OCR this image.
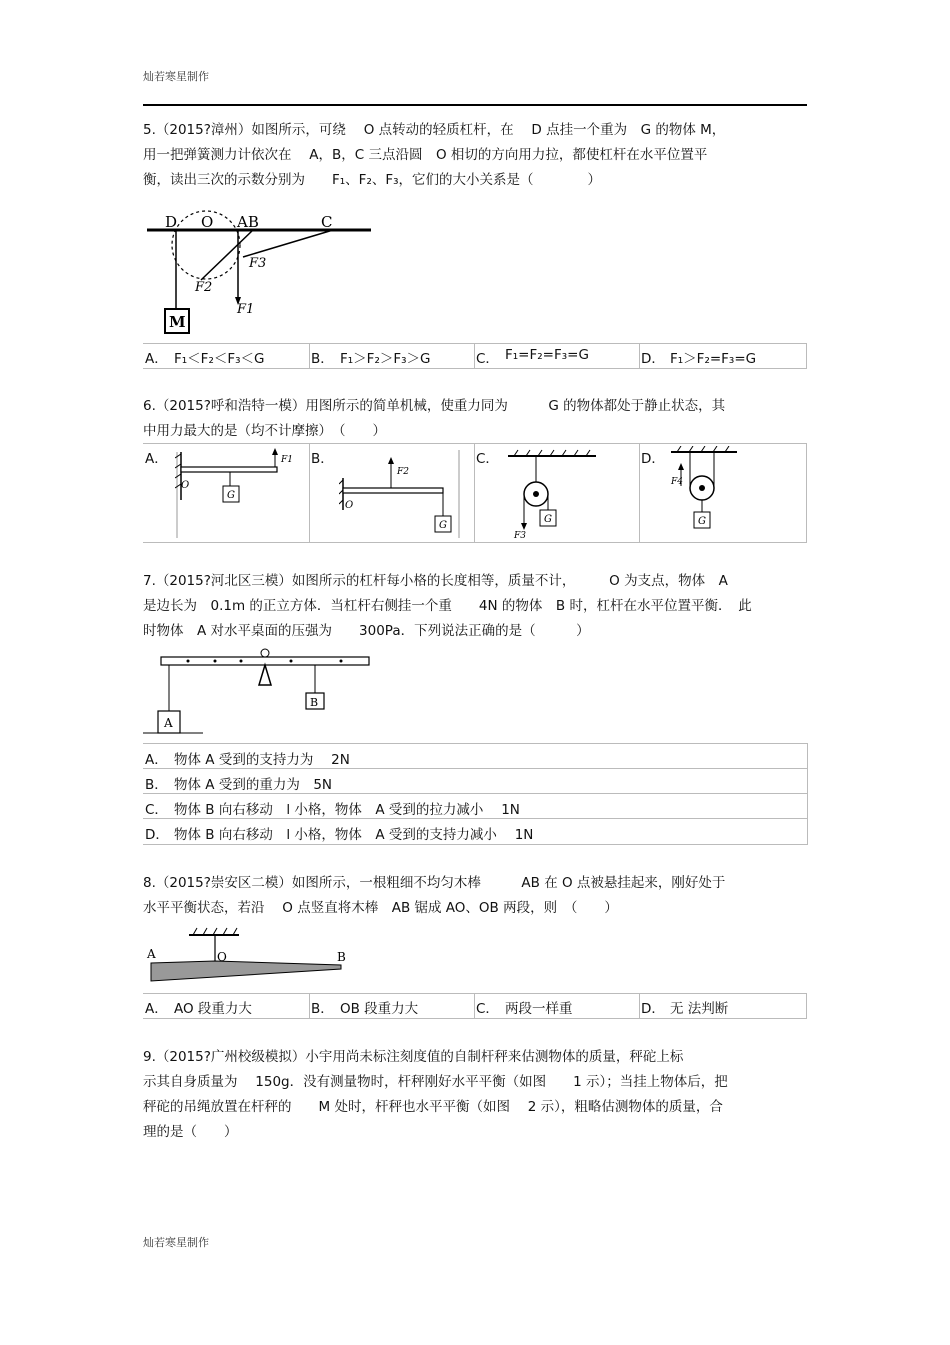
灿若寒星制作
灿若寒星制作
5.（2015?漳州）如图所示，可绕　 O 点转动的轻质杠杆，在　 D 点挂一个重为　G 的物体 M，
用一把弹簧测力计依次在　 A，B，C 三点沿圆　O 相切的方向用力拉，都使杠杆在水平位置平
衡，读出三次的示数分别为　　F₁、F₂、F₃，它们的大小关系是（　　　　）
M
D O AB	C
F1
F2
F3
A． F₁＜F₂＜F₃＜G	B． F₁＞F₂＞F₃＞G	C． F₁=F₂=F₃=G	D． F₁＞F₂=F₃=G
6.（2015?呼和浩特一模）用图所示的简单机械，使重力同为　　　G 的物体都处于静止状态，其
中用力最大的是（均不计摩擦）　（　　）
A．
O
G
F1 B．
O
F2
G
C．
F3
G
D．
F4
G
7.（2015?河北区三模）如图所示的杠杆每小格的长度相等，质量不计，　　　O 为支点，物体　A
是边长为　0.1m 的正立方体．当杠杆右侧挂一个重　　4N 的物体　B 时，杠杆在水平位置平衡．　此
时物体　A 对水平桌面的压强为　　300Pa．下列说法正确的是（　　　）
A
B
A． 物体 A 受到的支持力为　 2N
B． 物体 A 受到的重力为　5N
C． 物体 B 向右移动　l 小格，物体　A 受到的拉力减小　 1N
D． 物体 B 向右移动　l 小格，物体　A 受到的支持力减小　 1N
8.（2015?崇安区二模）如图所示，一根粗细不均匀木棒　　　AB 在 O 点被悬挂起来，刚好处于
水平平衡状态，若沿　 O 点竖直将木棒　AB 锯成 AO、OB 两段，则　（　　）
A	O	B
A． AO 段重力大	B． OB 段重力大	C． 两段一样重	D． 无 法判断
9.（2015?广州校级模拟）小宇用尚未标注刻度值的自制杆秤来估测物体的质量，秤砣上标
示其自身质量为　 150g．没有测量物时，杆秤刚好水平平衡（如图　　1 示）；当挂上物体后，把
秤砣的吊绳放置在杆秤的　　M 处时，杆秤也水平平衡（如图　 2 示），粗略估测物体的质量，合
理的是（　　）
